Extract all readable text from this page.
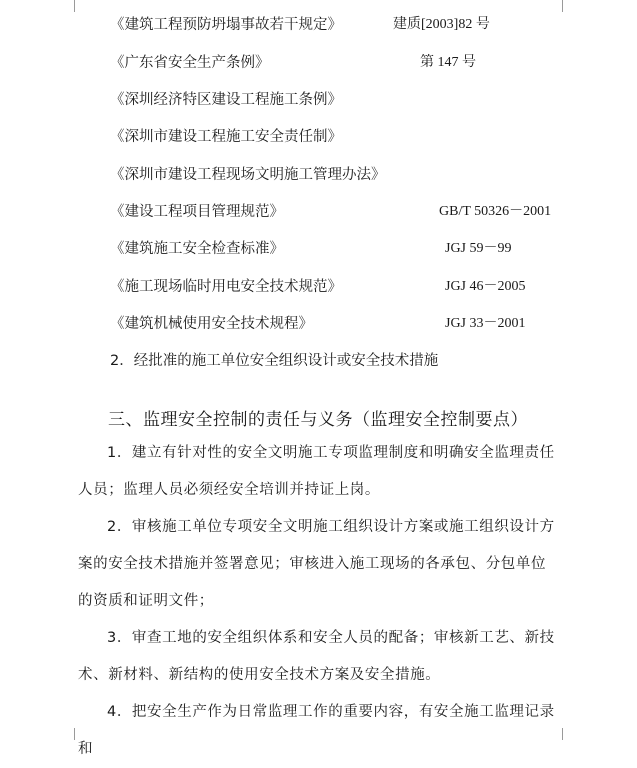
《建筑工程预防坍塌事故若干规定》	建质[2003]82 号
《广东省安全生产条例》	第 147 号
《深圳经济特区建设工程施工条例》
《深圳市建设工程施工安全责任制》
《深圳市建设工程现场文明施工管理办法》
《建设工程项目管理规范》	GB/T 50326－2001
《建筑施工安全检查标准》	JGJ 59－99
《施工现场临时用电安全技术规范》	JGJ 46－2005
《建筑机械使用安全技术规程》	JGJ 33－2001
2．经批准的施工单位安全组织设计或安全技术措施
三、监理安全控制的责任与义务（监理安全控制要点）

1．建立有针对性的安全文明施工专项监理制度和明确安全监理责任人员；监理人员必须经安全培训并持证上岗。

2．审核施工单位专项安全文明施工组织设计方案或施工组织设计方案的安全技术措施并签署意见；审核进入施工现场的各承包、分包单位的资质和证明文件；

3．审查工地的安全组织体系和安全人员的配备；审核新工艺、新技术、新材料、新结构的使用安全技术方案及安全措施。

4．把安全生产作为日常监理工作的重要内容，有安全施工监理记录和
